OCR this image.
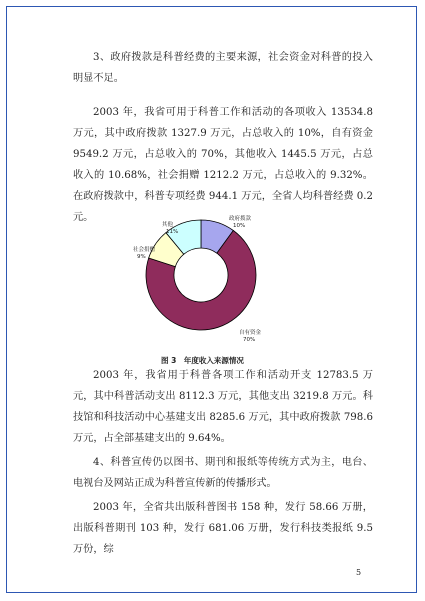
3、政府拨款是科普经费的主要来源，社会资金对科普的投入明显不足。

2003 年，我省可用于科普工作和活动的各项收入 13534.8 万元，其中政府拨款 1327.9 万元，占总收入的 10%，自有资金 9549.2 万元，占总收入的 70%，其他收入 1445.5 万元，占总收入的 10.68%，社会捐赠 1212.2 万元，占总收入的 9.32%。在政府拨款中，科普专项经费 944.1 万元，全省人均科普经费 0.2 元。	政府拨款
10%
自有资金
70%
社会捐赠
9%
其他
11%
图 3　年度收入来源情况

2003 年，我省用于科普各项工作和活动开支 12783.5 万元，其中科普活动支出 8112.3 万元，其他支出 3219.8 万元。科技馆和科技活动中心基建支出 8285.6 万元，其中政府拨款 798.6 万元，占全部基建支出的 9.64%。

4、科普宣传仍以图书、期刊和报纸等传统方式为主，电台、电视台及网站正成为科普宣传新的传播形式。

2003 年，全省共出版科普图书 158 种，发行 58.66 万册，出版科普期刊 103 种，发行 681.06 万册，发行科技类报纸 9.5 万份，综

5
